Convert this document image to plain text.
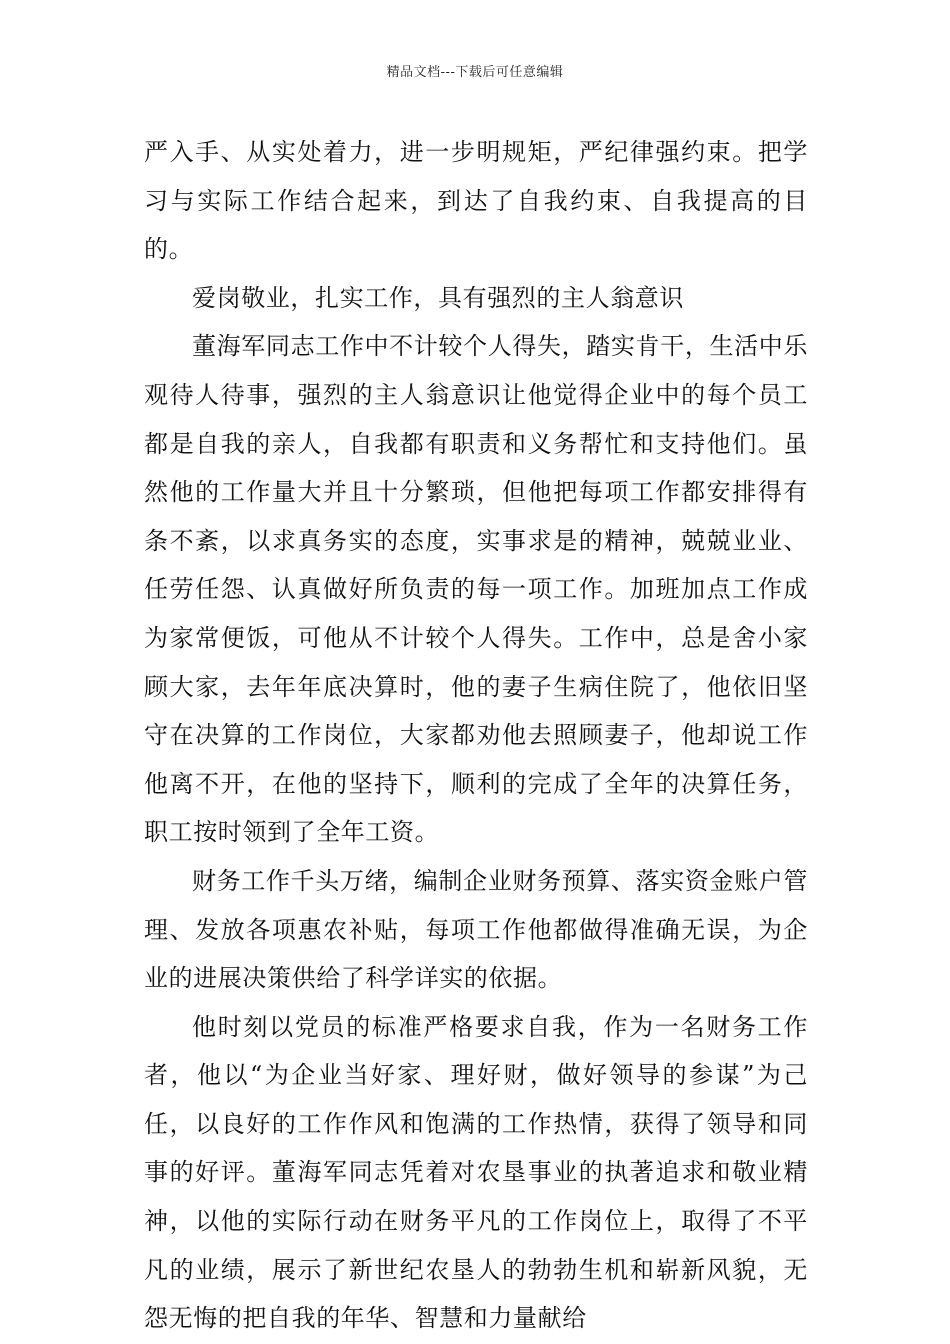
精品文档---下载后可任意编辑

严入手、从实处着力，进一步明规矩，严纪律强约束。把学习与实际工作结合起来，到达了自我约束、自我提高的目的。

爱岗敬业，扎实工作，具有强烈的主人翁意识

董海军同志工作中不计较个人得失，踏实肯干，生活中乐观待人待事，强烈的主人翁意识让他觉得企业中的每个员工都是自我的亲人，自我都有职责和义务帮忙和支持他们。虽然他的工作量大并且十分繁琐，但他把每项工作都安排得有条不紊，以求真务实的态度，实事求是的精神，兢兢业业、任劳任怨、认真做好所负责的每一项工作。加班加点工作成为家常便饭，可他从不计较个人得失。工作中，总是舍小家顾大家，去年年底决算时，他的妻子生病住院了，他依旧坚守在决算的工作岗位，大家都劝他去照顾妻子，他却说工作他离不开，在他的坚持下，顺利的完成了全年的决算任务，职工按时领到了全年工资。

财务工作千头万绪，编制企业财务预算、落实资金账户管理、发放各项惠农补贴，每项工作他都做得准确无误，为企业的进展决策供给了科学详实的依据。

他时刻以党员的标准严格要求自我，作为一名财务工作者，他以“为企业当好家、理好财，做好领导的参谋”为己任，以良好的工作作风和饱满的工作热情，获得了领导和同事的好评。董海军同志凭着对农垦事业的执著追求和敬业精神，以他的实际行动在财务平凡的工作岗位上，取得了不平凡的业绩，展示了新世纪农垦人的勃勃生机和崭新风貌，无怨无悔的把自我的年华、智慧和力量献给
